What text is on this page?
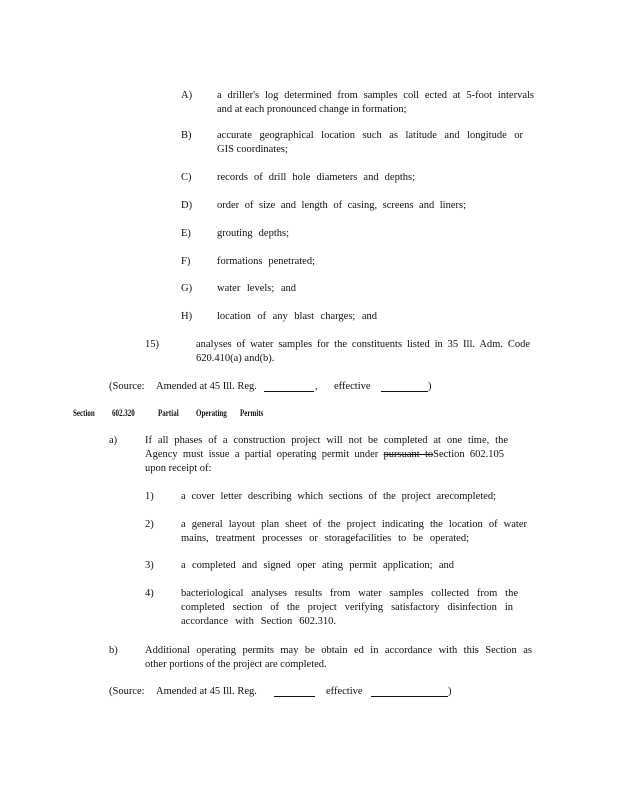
A) a driller's log determined from samples coll ected at 5-foot intervals
and at each pronounced change in formation;
B) accurate geographical location such as latitude and longitude or
GIS coordinates;
C) records of drill hole diameters and depths;
D) order of size and length of casing, screens and liners;
E) grouting depths;
F)	formations penetrated;
G) water levels; and
H) location of any blast charges; and
15)	analyses of water samples for the constituents listed in 35 Ill. Adm. Code
620.410(a) and(b).
(Source: Amended at 45 Ill. Reg.	, effective	)
Section 602.320	Partial Operating Permits
a)	If all phases of a construction project will not be completed at one time, the
Agency must issue a partial operating permit under pursuant toSection 602.105
upon receipt of:
1)	a cover letter describing which sections of the project arecompleted;
2)	a general layout plan sheet of the project indicating the location of water
mains, treatment processes or storagefacilities to be operated;
3)	a completed and signed oper ating permit application; and
4)	bacteriological analyses results from water samples collected from the
completed section of the project verifying satisfactory disinfection in
accordance with Section 602.310.
b)	Additional operating permits may be obtain ed in accordance with this Section as
other portions of the project are completed.
(Source: Amended at 45 Ill. Reg.	effective	)
